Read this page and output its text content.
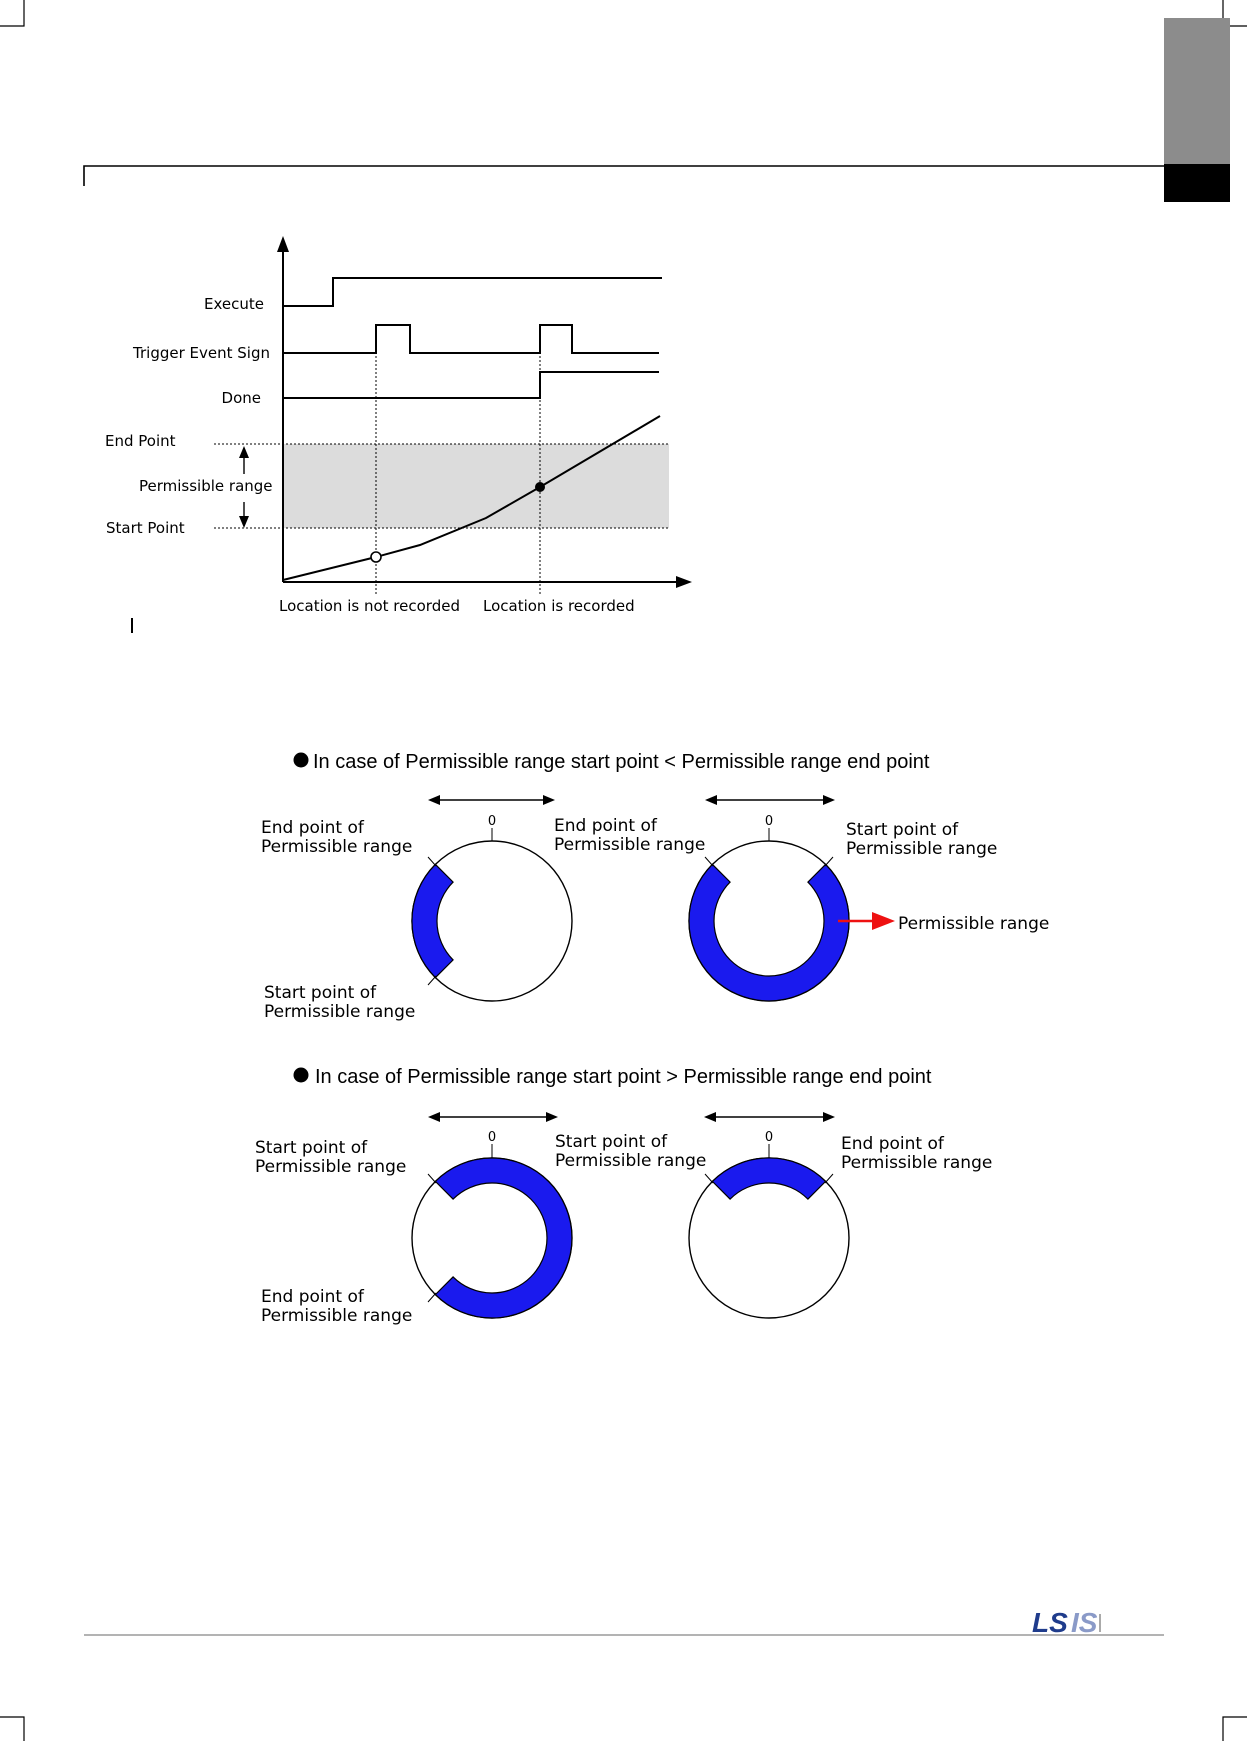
Execute
Trigger Event Sign
Done
End Point
Permissible range
Start Point
Location is not recorded Location is recorded
In case of Permissible range start point < Permissible range end point
0	0
End point of Permissible range
Start point of Permissible range
End point of Permissible range
Start point of Permissible range
Permissible range
In case of Permissible range start point > Permissible range end point
0	0
Start point of Permissible range
End point of Permissible range
Start point of Permissible range
End point of Permissible range
LS IS
